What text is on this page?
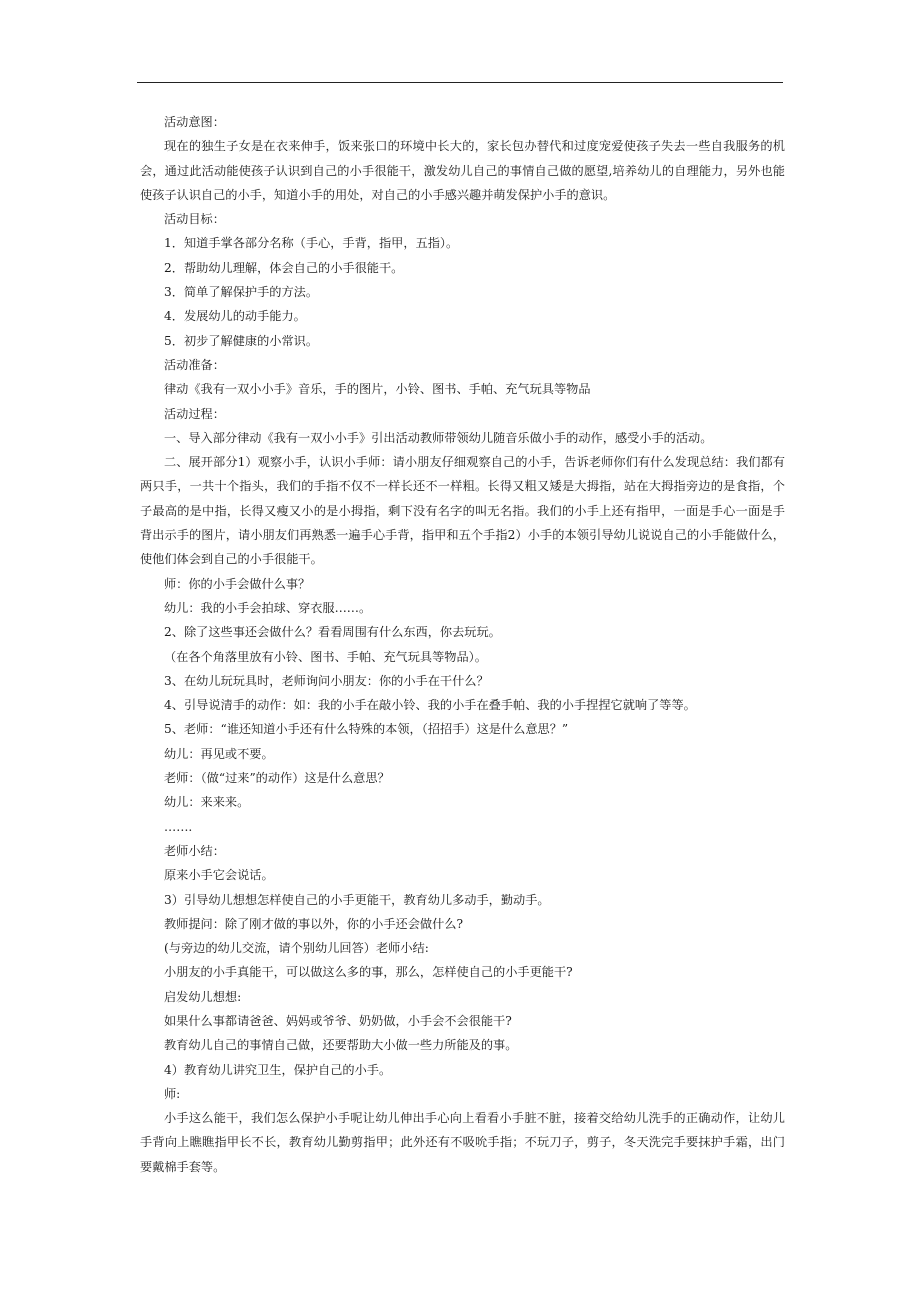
活动意图：

现在的独生子女是在衣来伸手，饭来张口的环境中长大的，家长包办替代和过度宠爱使孩子失去一些自我服务的机会，通过此活动能使孩子认识到自己的小手很能干，激发幼儿自己的事情自己做的愿望,培养幼儿的自理能力，另外也能使孩子认识自己的小手，知道小手的用处，对自己的小手感兴趣并萌发保护小手的意识。

活动目标：

1．知道手掌各部分名称（手心，手背，指甲，五指）。

2．帮助幼儿理解，体会自己的小手很能干。

3．简单了解保护手的方法。

4．发展幼儿的动手能力。

5．初步了解健康的小常识。

活动准备：

律动《我有一双小小手》音乐，手的图片，小铃、图书、手帕、充气玩具等物品

活动过程：

一、导入部分律动《我有一双小小手》引出活动教师带领幼儿随音乐做小手的动作，感受小手的活动。

二、展开部分1）观察小手，认识小手师：请小朋友仔细观察自己的小手，告诉老师你们有什么发现总结：我们都有两只手，一共十个指头，我们的手指不仅不一样长还不一样粗。长得又粗又矮是大拇指，站在大拇指旁边的是食指，个子最高的是中指，长得又瘦又小的是小拇指，剩下没有名字的叫无名指。我们的小手上还有指甲，一面是手心一面是手背出示手的图片，请小朋友们再熟悉一遍手心手背，指甲和五个手指2）小手的本领引导幼儿说说自己的小手能做什么，使他们体会到自己的小手很能干。

师：你的小手会做什么事？

幼儿：我的小手会拍球、穿衣服……。

2、除了这些事还会做什么？看看周围有什么东西，你去玩玩。

（在各个角落里放有小铃、图书、手帕、充气玩具等物品）。

3、在幼儿玩玩具时，老师询问小朋友：你的小手在干什么？

4、引导说清手的动作：如：我的小手在敲小铃、我的小手在叠手帕、我的小手捏捏它就响了等等。

5、老师：“谁还知道小手还有什么特殊的本领，（招招手）这是什么意思？”

幼儿：再见或不要。

老师：（做“过来”的动作）这是什么意思？

幼儿：来来来。

…….

老师小结：

原来小手它会说话。

3）引导幼儿想想怎样使自己的小手更能干，教育幼儿多动手，勤动手。

教师提问：除了刚才做的事以外，你的小手还会做什么?

(与旁边的幼儿交流，请个别幼儿回答）老师小结:

小朋友的小手真能干，可以做这么多的事，那么，怎样使自己的小手更能干?

启发幼儿想想:

如果什么事都请爸爸、妈妈或爷爷、奶奶做，小手会不会很能干?

教育幼儿自己的事情自己做，还要帮助大小做一些力所能及的事。

4）教育幼儿讲究卫生，保护自己的小手。

师:

小手这么能干，我们怎么保护小手呢让幼儿伸出手心向上看看小手脏不脏，接着交给幼儿洗手的正确动作，让幼儿手背向上瞧瞧指甲长不长，教育幼儿勤剪指甲；此外还有不吸吮手指；不玩刀子，剪子，冬天洗完手要抹护手霜，出门要戴棉手套等。
